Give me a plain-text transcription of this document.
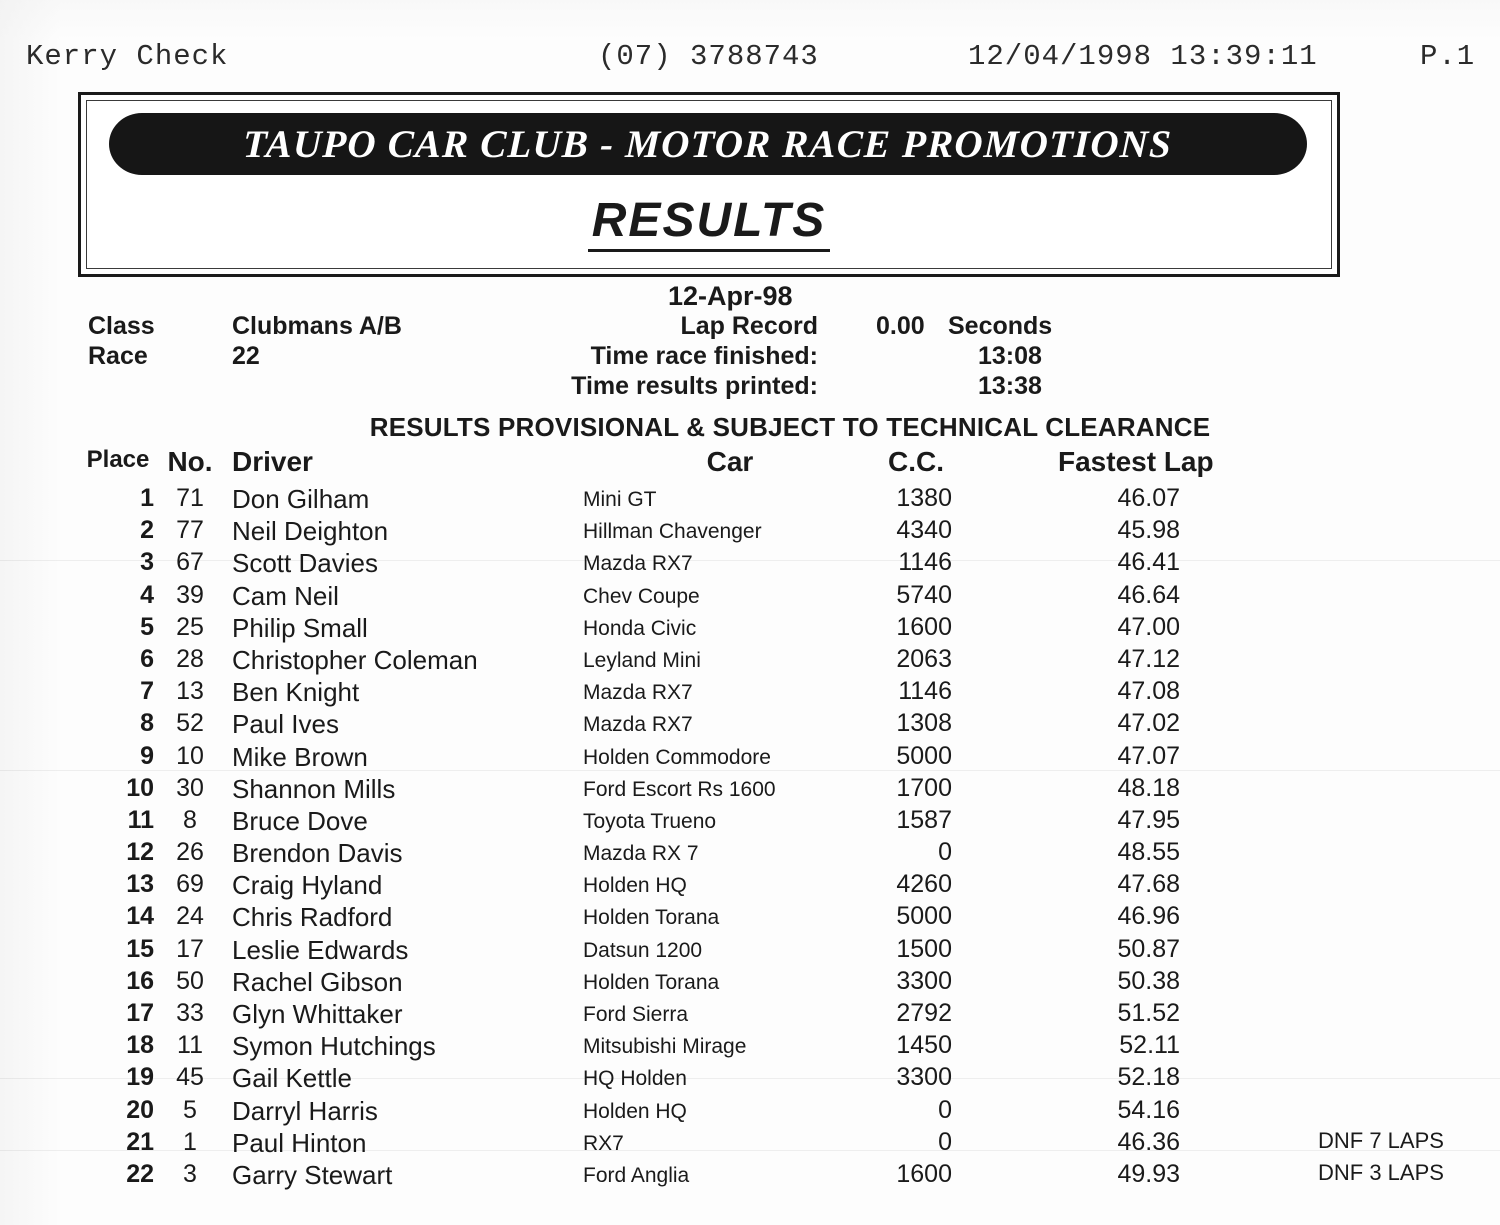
Kerry Check	(07) 3788743	12/04/1998 13:39:11	P.1
TAUPO CAR CLUB - MOTOR RACE PROMOTIONS
RESULTS
12-Apr-98
Class	Clubmans A/B	Lap Record 0.00 Seconds
Race	22	Time race finished:	13:08
Time results printed:	13:38
RESULTS PROVISIONAL & SUBJECT TO TECHNICAL CLEARANCE
Place No. Driver	Car	C.C.	Fastest Lap
1 71	Don Gilham	Mini GT	1380	46.07
2 77	Neil Deighton	Hillman Chavenger	4340	45.98
3 67	Scott Davies	Mazda RX7	1146	46.41
4 39	Cam Neil	Chev Coupe	5740	46.64
5 25	Philip Small	Honda Civic	1600	47.00
6 28	Christopher Coleman	Leyland Mini	2063	47.12
7 13	Ben Knight	Mazda RX7	1146	47.08
8 52	Paul Ives	Mazda RX7	1308	47.02
9 10	Mike Brown	Holden Commodore	5000	47.07
10 30	Shannon Mills	Ford Escort Rs 1600	1700	48.18
11	8	Bruce Dove	Toyota Trueno	1587	47.95
12 26	Brendon Davis	Mazda RX 7	0	48.55
13 69	Craig Hyland	Holden HQ	4260	47.68
14 24	Chris Radford	Holden Torana	5000	46.96
15 17	Leslie Edwards	Datsun 1200	1500	50.87
16 50	Rachel Gibson	Holden Torana	3300	50.38
17 33	Glyn Whittaker	Ford Sierra	2792	51.52
18 11	Symon Hutchings	Mitsubishi Mirage	1450	52.11
19 45	Gail Kettle	HQ Holden	3300	52.18
20	5	Darryl Harris	Holden HQ	0	54.16
21	1	Paul Hinton	RX7	0	46.36	DNF 7 LAPS
22	3	Garry Stewart	Ford Anglia	1600	49.93	DNF 3 LAPS
